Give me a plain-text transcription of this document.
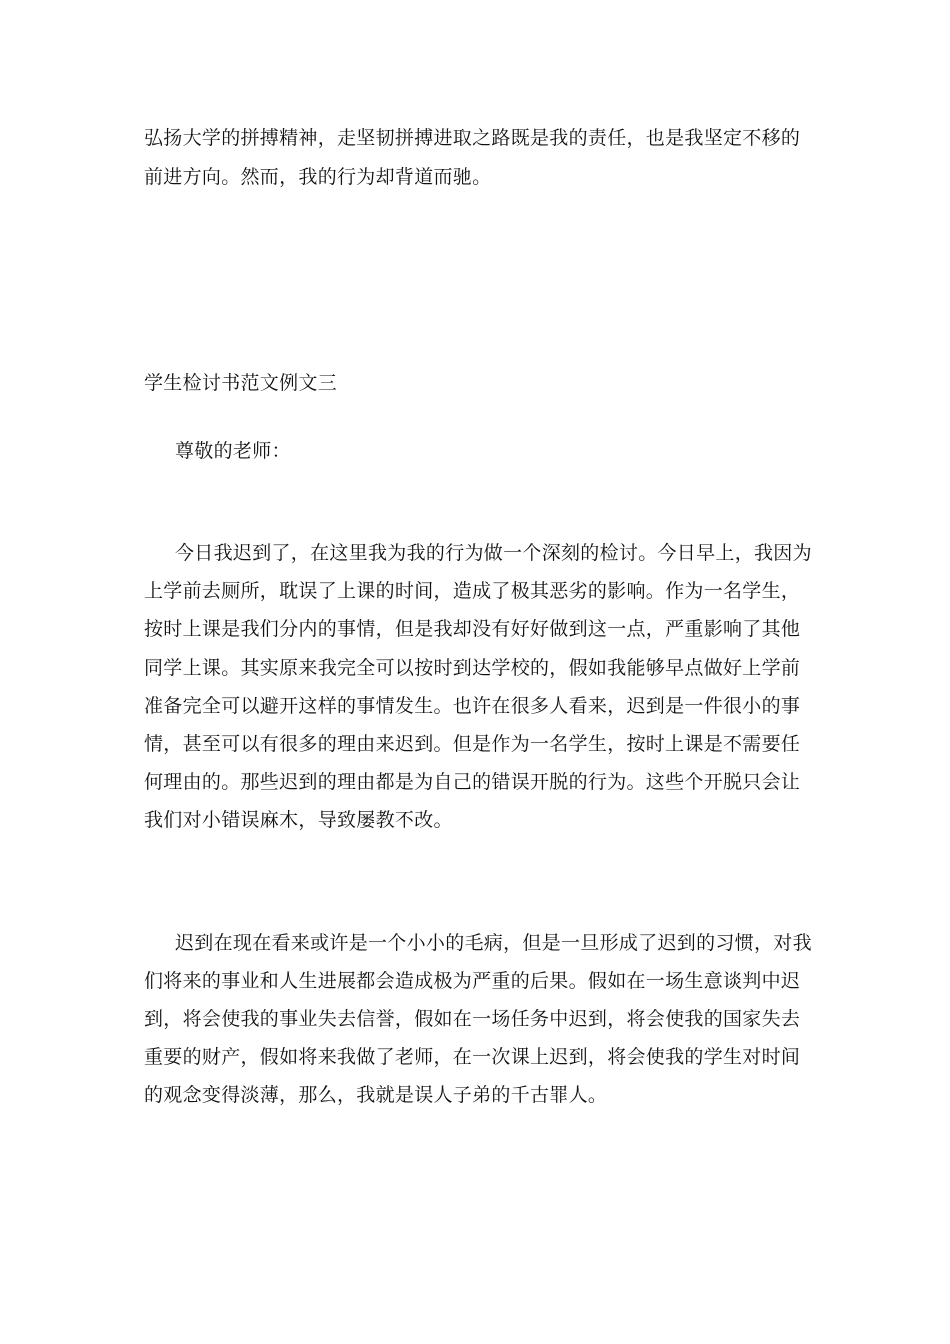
弘扬大学的拼搏精神，走坚韧拼搏进取之路既是我的责任，也是我坚定不移的
前进方向。然而，我的行为却背道而驰。
学生检讨书范文例文三
尊敬的老师：
今日我迟到了，在这里我为我的行为做一个深刻的检讨。今日早上，我因为
上学前去厕所，耽误了上课的时间，造成了极其恶劣的影响。作为一名学生，
按时上课是我们分内的事情，但是我却没有好好做到这一点，严重影响了其他
同学上课。其实原来我完全可以按时到达学校的，假如我能够早点做好上学前
准备完全可以避开这样的事情发生。也许在很多人看来，迟到是一件很小的事
情，甚至可以有很多的理由来迟到。但是作为一名学生，按时上课是不需要任
何理由的。那些迟到的理由都是为自己的错误开脱的行为。这些个开脱只会让
我们对小错误麻木，导致屡教不改。
迟到在现在看来或许是一个小小的毛病，但是一旦形成了迟到的习惯，对我
们将来的事业和人生进展都会造成极为严重的后果。假如在一场生意谈判中迟
到，将会使我的事业失去信誉，假如在一场任务中迟到，将会使我的国家失去
重要的财产，假如将来我做了老师，在一次课上迟到，将会使我的学生对时间
的观念变得淡薄，那么，我就是误人子弟的千古罪人。
